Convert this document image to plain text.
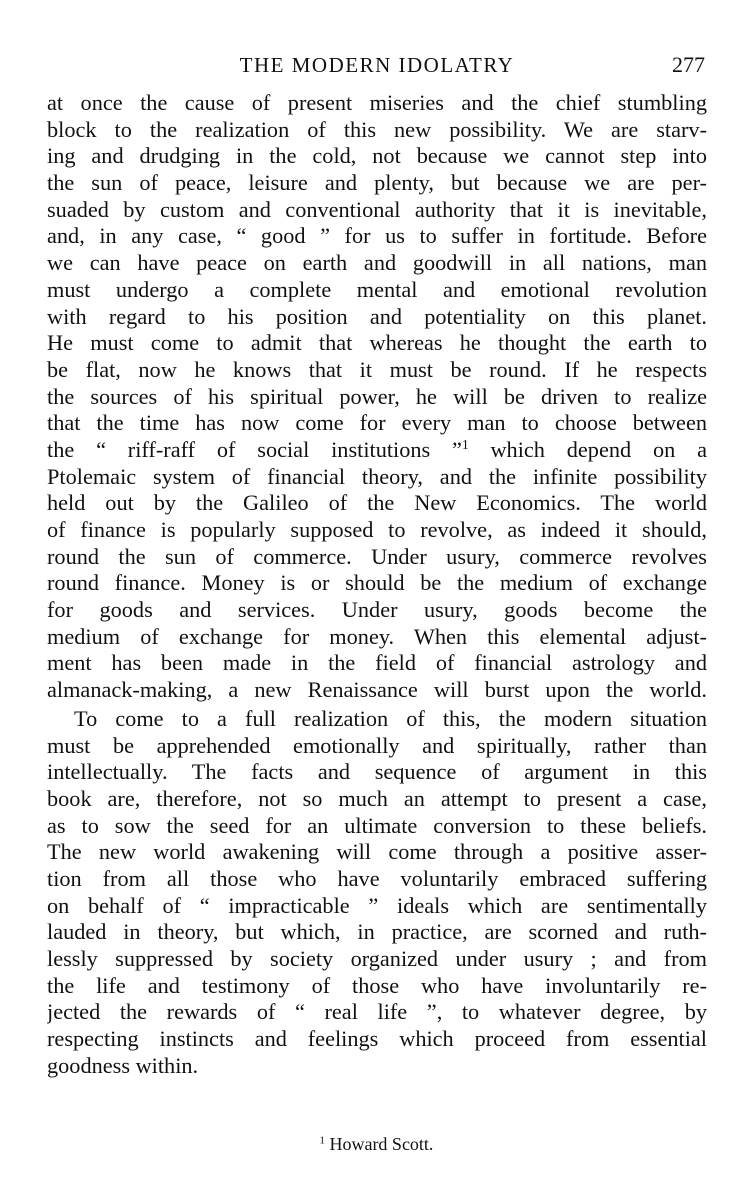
THE MODERN IDOLATRY	277
at once the cause of present miseries and the chief stumbling
block to the realization of this new possibility. We are starv-
ing and drudging in the cold, not because we cannot step into
the sun of peace, leisure and plenty, but because we are per-
suaded by custom and conventional authority that it is inevitable,
and, in any case, “ good ” for us to suffer in fortitude. Before
we can have peace on earth and goodwill in all nations, man
must undergo a complete mental and emotional revolution
with regard to his position and potentiality on this planet.
He must come to admit that whereas he thought the earth to
be flat, now he knows that it must be round. If he respects
the sources of his spiritual power, he will be driven to realize
that the time has now come for every man to choose between
the “ riff-raff of social institutions ”$^1$ which depend on a
Ptolemaic system of financial theory, and the infinite possibility
held out by the Galileo of the New Economics. The world
of finance is popularly supposed to revolve, as indeed it should,
round the sun of commerce. Under usury, commerce revolves
round finance. Money is or should be the medium of exchange
for goods and services. Under usury, goods become the
medium of exchange for money. When this elemental adjust-
ment has been made in the field of financial astrology and
almanack-making, a new Renaissance will burst upon the world.
To come to a full realization of this, the modern situation
must be apprehended emotionally and spiritually, rather than
intellectually. The facts and sequence of argument in this
book are, therefore, not so much an attempt to present a case,
as to sow the seed for an ultimate conversion to these beliefs.
The new world awakening will come through a positive asser-
tion from all those who have voluntarily embraced suffering
on behalf of “ impracticable ” ideals which are sentimentally
lauded in theory, but which, in practice, are scorned and ruth-
lessly suppressed by society organized under usury ; and from
the life and testimony of those who have involuntarily re-
jected the rewards of “ real life ”, to whatever degree, by
respecting instincts and feelings which proceed from essential
goodness within.
$^1$ Howard Scott.
